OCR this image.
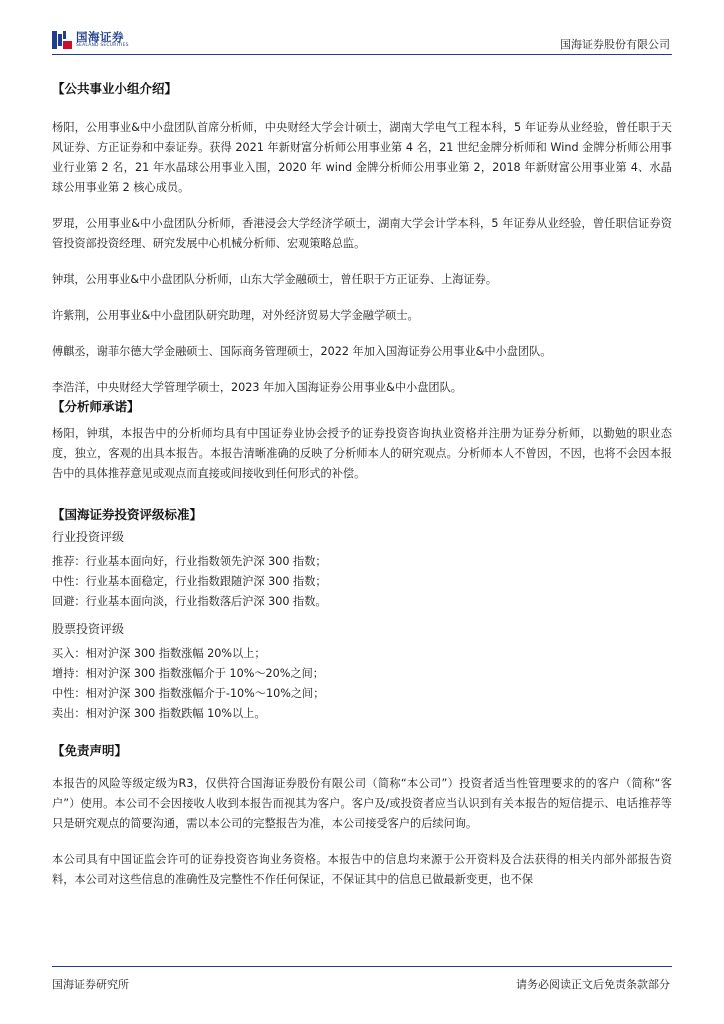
国海证券
SEALAND SECURITIES	国海证券股份有限公司
【公共事业小组介绍】

杨阳，公用事业&中小盘团队首席分析师，中央财经大学会计硕士，湖南大学电气工程本科，5 年证券从业经验，曾任职于天风证券、方正证券和中泰证券。获得 2021 年新财富分析师公用事业第 4 名，21 世纪金牌分析师和 Wind 金牌分析师公用事业行业第 2 名，21 年水晶球公用事业入围，2020 年 wind 金牌分析师公用事业第 2，2018 年新财富公用事业第 4、水晶球公用事业第 2 核心成员。

罗琨，公用事业&中小盘团队分析师，香港浸会大学经济学硕士，湖南大学会计学本科，5 年证券从业经验，曾任职信证券资管投资部投资经理、研究发展中心机械分析师、宏观策略总监。

钟琪，公用事业&中小盘团队分析师，山东大学金融硕士，曾任职于方正证券、上海证券。

许紫荆，公用事业&中小盘团队研究助理，对外经济贸易大学金融学硕士。

傅麒丞，谢菲尔德大学金融硕士、国际商务管理硕士，2022 年加入国海证券公用事业&中小盘团队。

李浩洋，中央财经大学管理学硕士，2023 年加入国海证券公用事业&中小盘团队。

【分析师承诺】

杨阳，钟琪，本报告中的分析师均具有中国证券业协会授予的证券投资咨询执业资格并注册为证券分析师，以勤勉的职业态度，独立，客观的出具本报告。本报告清晰准确的反映了分析师本人的研究观点。分析师本人不曾因，不因，也将不会因本报告中的具体推荐意见或观点而直接或间接收到任何形式的补偿。

【国海证券投资评级标准】
行业投资评级

推荐：行业基本面向好，行业指数领先沪深 300 指数；

中性：行业基本面稳定，行业指数跟随沪深 300 指数；

回避：行业基本面向淡，行业指数落后沪深 300 指数。

股票投资评级

买入：相对沪深 300 指数涨幅 20%以上；

增持：相对沪深 300 指数涨幅介于 10%～20%之间；

中性：相对沪深 300 指数涨幅介于-10%～10%之间；

卖出：相对沪深 300 指数跌幅 10%以上。

【免责声明】

本报告的风险等级定级为R3，仅供符合国海证券股份有限公司（简称“本公司”）投资者适当性管理要求的的客户（简称“客户”）使用。本公司不会因接收人收到本报告而视其为客户。客户及/或投资者应当认识到有关本报告的短信提示、电话推荐等只是研究观点的简要沟通，需以本公司的完整报告为准，本公司接受客户的后续问询。

本公司具有中国证监会许可的证券投资咨询业务资格。本报告中的信息均来源于公开资料及合法获得的相关内部外部报告资料，本公司对这些信息的准确性及完整性不作任何保证，不保证其中的信息已做最新变更，也不保

国海证券研究所	请务必阅读正文后免责条款部分
